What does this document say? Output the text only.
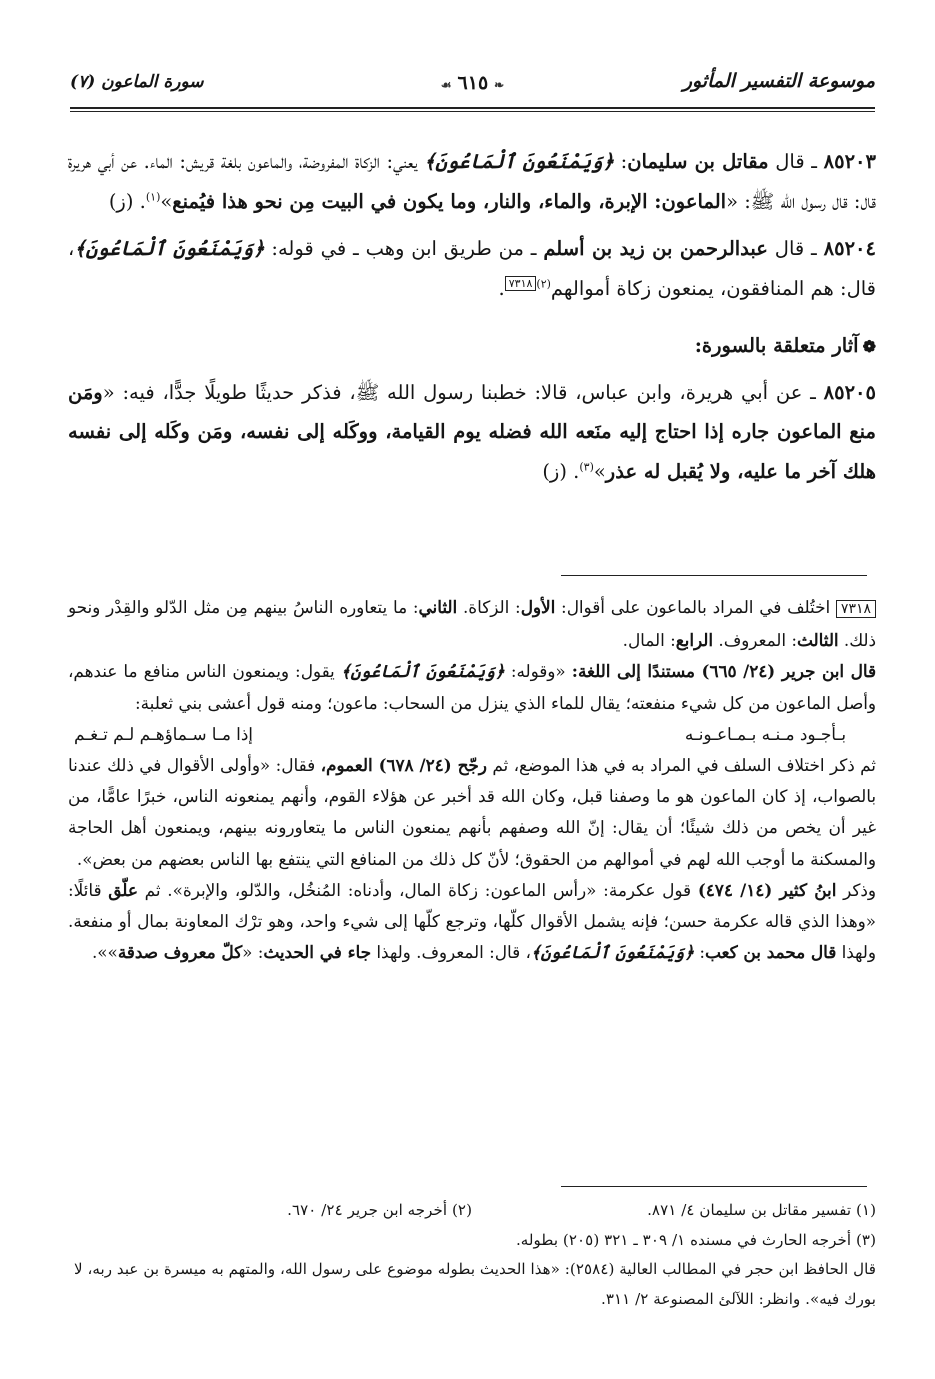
موسوعة التفسير المأثور
❧٦١٥☙
سورة الماعون (٧)

٨٥٢٠٣ ـ قال مقاتل بن سليمان: ﴿وَيَمْنَعُونَ ٱلْمَاعُونَ﴾ يعني: الزكاة المفروضة، والماعون بلغة قريش: الماء. عن أبي هريرة قال: قال رسول الله ﷺ: «الماعون: الإبرة، والماء، والنار، وما يكون في البيت مِن نحو هذا فيُمنع»$^{(١)}$. (ز)

٨٥٢٠٤ ـ قال عبدالرحمن بن زيد بن أسلم ـ من طريق ابن وهب ـ في قوله: ﴿وَيَمْنَعُونَ ٱلْمَاعُونَ﴾، قال: هم المنافقون، يمنعون زكاة أموالهم$^{(٢)٧٣١٨}$.

❁آثار متعلقة بالسورة:

٨٥٢٠٥ ـ عن أبي هريرة، وابن عباس، قالا: خطبنا رسول الله ﷺ، فذكر حديثًا طويلًا جدًّا، فيه: «ومَن منع الماعون جاره إذا احتاج إليه منَعه الله فضله يوم القيامة، ووكَله إلى نفسه، ومَن وكَله إلى نفسه هلك آخر ما عليه، ولا يُقبل له عذر»$^{(٣)}$. (ز)

٧٣١٨ اختُلف في المراد بالماعون على أقوال: الأول: الزكاة. الثاني: ما يتعاوره الناسُ بينهم مِن مثل الدّلو والقِدْر ونحو ذلك. الثالث: المعروف. الرابع: المال.

قال ابن جرير (٢٤/ ٦٦٥) مستندًا إلى اللغة: «وقوله: ﴿وَيَمْنَعُونَ ٱلْمَاعُونَ﴾ يقول: ويمنعون الناس منافع ما عندهم، وأصل الماعون من كل شيء منفعته؛ يقال للماء الذي ينزل من السحاب: ماعون؛ ومنه قول أعشى بني ثعلبة:

بـأجـود مـنـه بـمـاعـونـه
إذا مـا سـماؤهـم لـم تـغـم

ثم ذكر اختلاف السلف في المراد به في هذا الموضع، ثم رجّح (٢٤/ ٦٧٨) العموم، فقال: «وأولى الأقوال في ذلك عندنا بالصواب، إذ كان الماعون هو ما وصفنا قبل، وكان الله قد أخبر عن هؤلاء القوم، وأنهم يمنعونه الناس، خبرًا عامًّا، من غير أن يخص من ذلك شيئًا؛ أن يقال: إنّ الله وصفهم بأنهم يمنعون الناس ما يتعاورونه بينهم، ويمنعون أهل الحاجة والمسكنة ما أوجب الله لهم في أموالهم من الحقوق؛ لأنّ كل ذلك من المنافع التي ينتفع بها الناس بعضهم من بعض».

وذكر ابنُ كثير (١٤/ ٤٧٤) قول عكرمة: «رأس الماعون: زكاة المال، وأدناه: المُنخُل، والدّلو، والإبرة». ثم علّق قائلًا: «وهذا الذي قاله عكرمة حسن؛ فإنه يشمل الأقوال كلّها، وترجع كلّها إلى شيء واحد، وهو ترْك المعاونة بمال أو منفعة. ولهذا قال محمد بن كعب: ﴿وَيَمْنَعُونَ ٱلْمَاعُونَ﴾، قال: المعروف. ولهذا جاء في الحديث: «كلّ معروف صدقة»».

(١) تفسير مقاتل بن سليمان ٤/ ٨٧١.
(٢) أخرجه ابن جرير ٢٤/ ٦٧٠.

(٣) أخرجه الحارث في مسنده ١/ ٣٠٩ ـ ٣٢١ (٢٠٥) بطوله.

قال الحافظ ابن حجر في المطالب العالية (٢٥٨٤): «هذا الحديث بطوله موضوع على رسول الله، والمتهم به ميسرة بن عبد ربه، لا بورك فيه». وانظر: اللآلئ المصنوعة ٢/ ٣١١.
